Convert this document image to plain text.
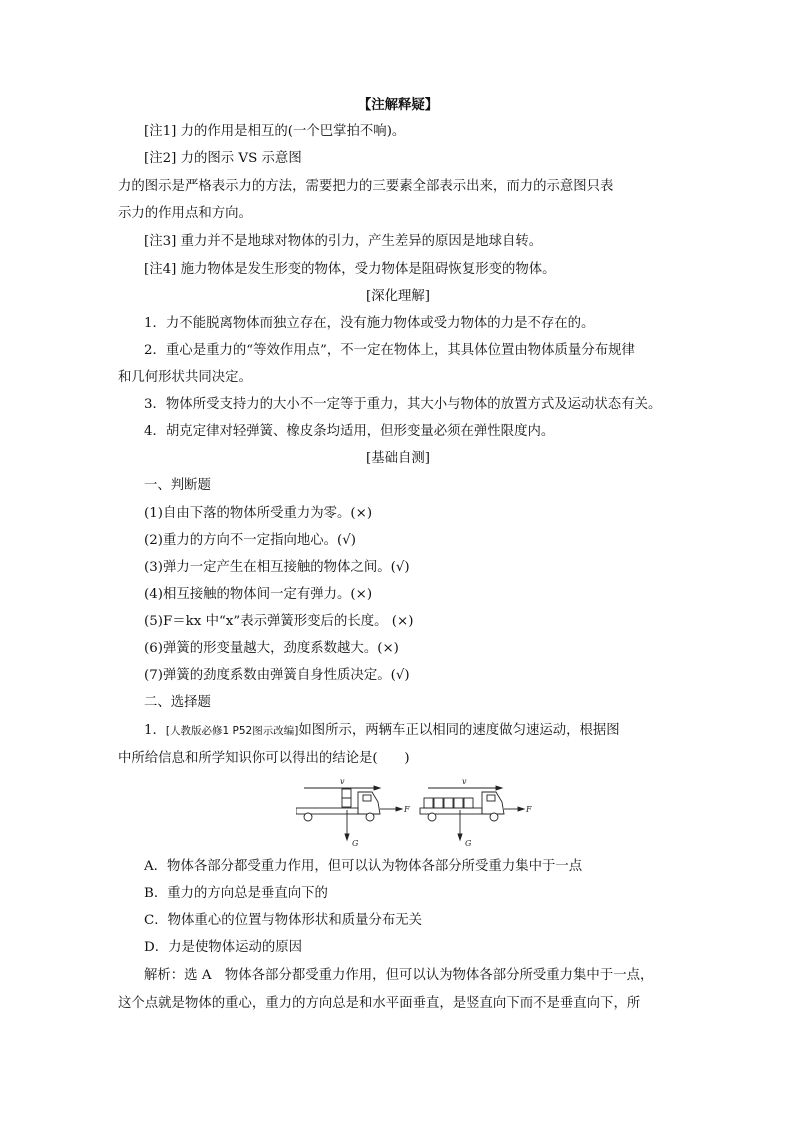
【注解释疑】
[注1] 力的作用是相互的(一个巴掌拍不响)。
[注2] 力的图示 VS 示意图
力的图示是严格表示力的方法，需要把力的三要素全部表示出来，而力的示意图只表
示力的作用点和方向。
[注3] 重力并不是地球对物体的引力，产生差异的原因是地球自转。
[注4] 施力物体是发生形变的物体，受力物体是阻碍恢复形变的物体。
[深化理解]
1．力不能脱离物体而独立存在，没有施力物体或受力物体的力是不存在的。
2．重心是重力的“等效作用点”，不一定在物体上，其具体位置由物体质量分布规律
和几何形状共同决定。
3．物体所受支持力的大小不一定等于重力，其大小与物体的放置方式及运动状态有关。
4．胡克定律对轻弹簧、橡皮条均适用，但形变量必须在弹性限度内。
[基础自测]
一、判断题
(1)自由下落的物体所受重力为零。(×)
(2)重力的方向不一定指向地心。(√)
(3)弹力一定产生在相互接触的物体之间。(√)
(4)相互接触的物体间一定有弹力。(×)
(5)F＝kx 中“x”表示弹簧形变后的长度。 (×)
(6)弹簧的形变量越大，劲度系数越大。(×)
(7)弹簧的劲度系数由弹簧自身性质决定。(√)
二、选择题
1．[人教版必修1 P52图示改编]如图所示，两辆车正以相同的速度做匀速运动，根据图
中所给信息和所学知识你可以得出的结论是(　　)
v
F
G
v
F
G
A．物体各部分都受重力作用，但可以认为物体各部分所受重力集中于一点
B．重力的方向总是垂直向下的
C．物体重心的位置与物体形状和质量分布无关
D．力是使物体运动的原因
解析：选 A　物体各部分都受重力作用，但可以认为物体各部分所受重力集中于一点，
这个点就是物体的重心，重力的方向总是和水平面垂直，是竖直向下而不是垂直向下，所
